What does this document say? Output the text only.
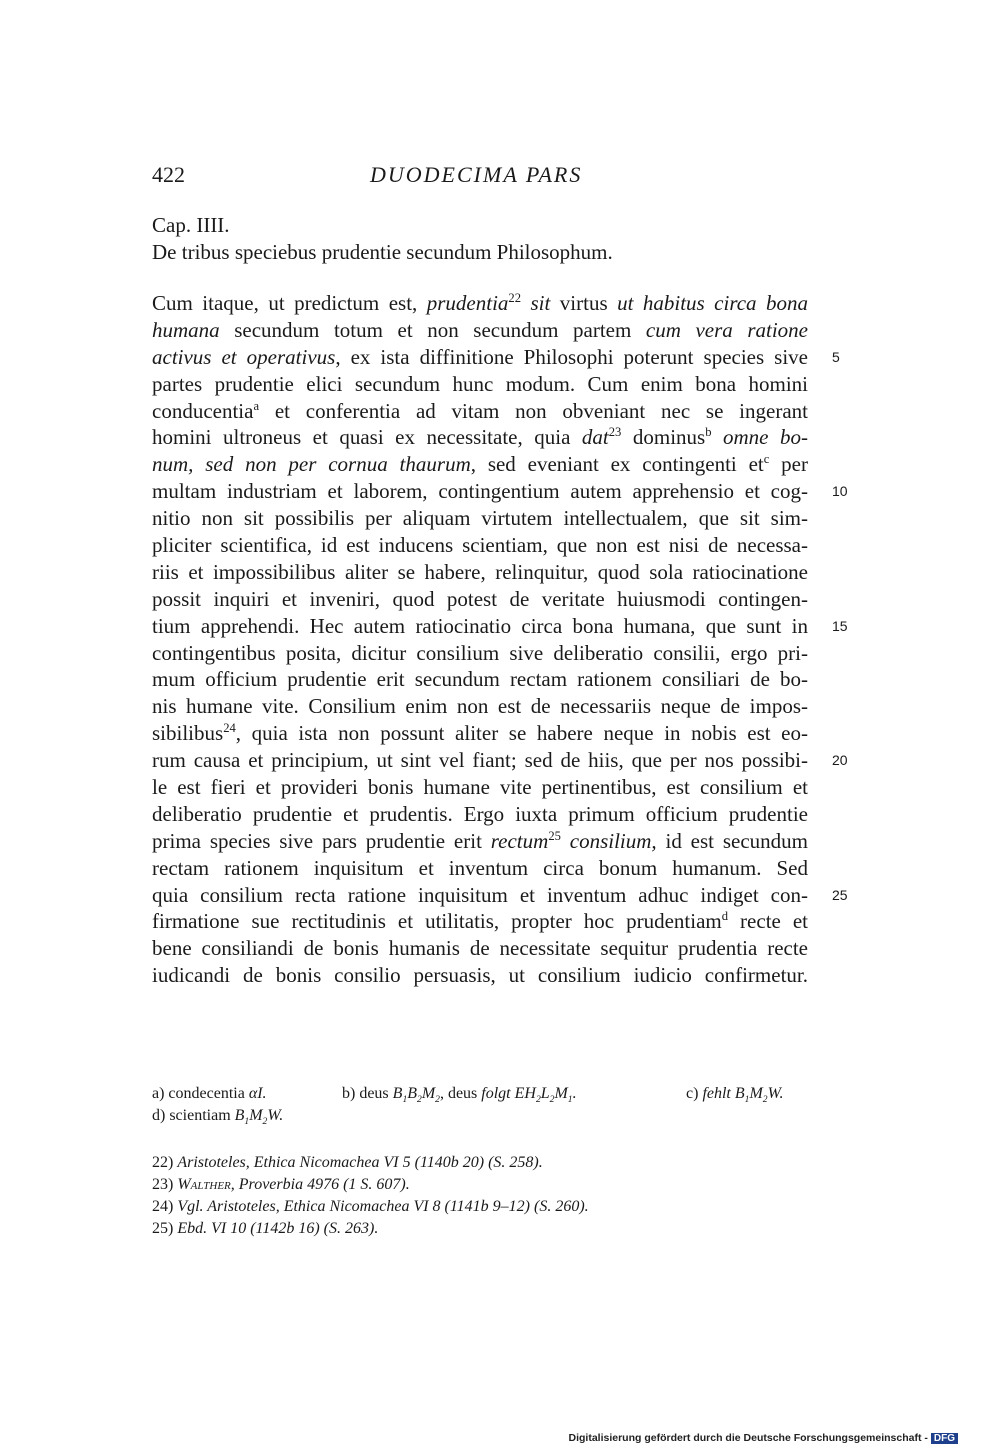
422	DUODECIMA PARS
Cap. IIII.
De tribus speciebus prudentie secundum Philosophum.
Cum itaque, ut predictum est, prudentia$^{22}$ sit virtus ut habitus circa bona
humana secundum totum et non secundum partem cum vera ratione
activus et operativus, ex ista diffinitione Philosophi poterunt species sive 5
partes prudentie elici secundum hunc modum. Cum enim bona homini
conducentia$^a$ et conferentia ad vitam non obveniant nec se ingerant
homini ultroneus et quasi ex necessitate, quia dat$^{23}$ dominus$^b$ omne bo-
num, sed non per cornua thaurum, sed eveniant ex contingenti $et^c$ per
multam industriam et laborem, contingentium autem apprehensio et cog- 10
nitio non sit possibilis per aliquam virtutem intellectualem, que sit sim-
pliciter scientifica, id est inducens scientiam, que non est nisi de necessa-
riis et impossibilibus aliter se habere, relinquitur, quod sola ratiocinatione
possit inquiri et inveniri, quod potest de veritate huiusmodi contingen-
tium apprehendi. Hec autem ratiocinatio circa bona humana, que sunt in 15
contingentibus posita, dicitur consilium sive deliberatio consilii, ergo pri-
mum officium prudentie erit secundum rectam rationem consiliari de bo-
nis humane vite. Consilium enim non est de necessariis neque de impos-
sibilibus$^{24}$, quia ista non possunt aliter se habere neque in nobis est eo-
rum causa et principium, ut sint vel fiant; sed de hiis, que per nos possibi- 20
le est fieri et provideri bonis humane vite pertinentibus, est consilium et
deliberatio prudentie et prudentis. Ergo iuxta primum officium prudentie
prima species sive pars prudentie erit rectum$^{25}$ consilium, id est secundum
rectam rationem inquisitum et inventum circa bonum humanum. Sed
quia consilium recta ratione inquisitum et inventum adhuc indiget con- 25
firmatione sue rectitudinis et utilitatis, propter hoc prudentiam$^d$ recte et
bene consiliandi de bonis humanis de necessitate sequitur prudentia recte
iudicandi de bonis consilio persuasis, ut consilium iudicio confirmetur.
a) condecentia αI.	b) deus $B_1B_2M_2$, deus folgt $EH_2L_2M_1$.	c) fehlt $B_1M_2W$.
d) scientiam $B_1M_2W$.
22) Aristoteles, Ethica Nicomachea VI 5 (1140b 20) (S. 258).
23) Walther, Proverbia 4976 (1 S. 607).
24) Vgl. Aristoteles, Ethica Nicomachea VI 8 (1141b 9–12) (S. 260).
25) Ebd. VI 10 (1142b 16) (S. 263).
Digitalisierung gefördert durch die Deutsche Forschungsgemeinschaft - DFG
